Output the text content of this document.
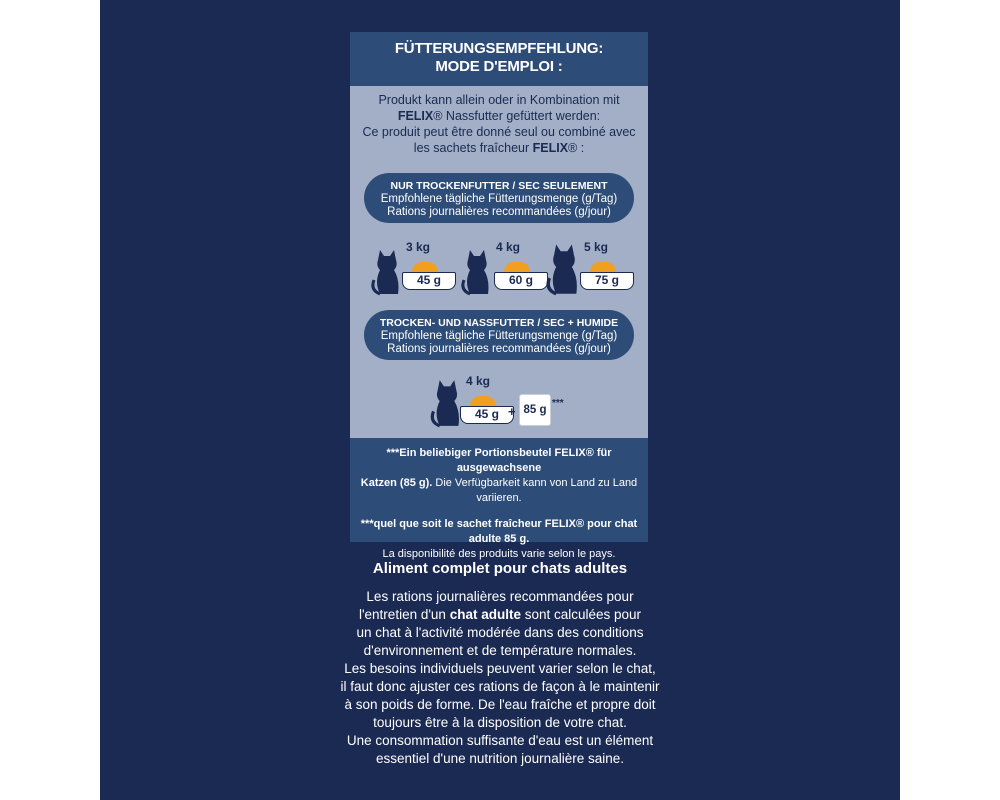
FÜTTERUNGSEMPFEHLUNG:
MODE D'EMPLOI :
Produkt kann allein oder in Kombination mit
FELIX® Nassfutter gefüttert werden:
Ce produit peut être donné seul ou combiné avec
les sachets fraîcheur FELIX® :
NUR TROCKENFUTTER / SEC SEULEMENT
Empfohlene tägliche Fütterungsmenge (g/Tag)
Rations journalières recommandées (g/jour)
3 kg
45 g
4 kg
60 g
5 kg
75 g
TROCKEN- UND NASSFUTTER / SEC + HUMIDE
Empfohlene tägliche Fütterungsmenge (g/Tag)
Rations journalières recommandées (g/jour)
4 kg
45 g + 85 g
***

***Ein beliebiger Portionsbeutel FELIX® für ausgewachsene
Katzen (85 g). Die Verfügbarkeit kann von Land zu Land variieren.

***quel que soit le sachet fraîcheur FELIX® pour chat adulte 85 g.
La disponibilité des produits varie selon le pays.

Aliment complet pour chats adultes
Les rations journalières recommandées pour
l'entretien d'un chat adulte sont calculées pour
un chat à l'activité modérée dans des conditions
d'environnement et de température normales.
Les besoins individuels peuvent varier selon le chat,
il faut donc ajuster ces rations de façon à le maintenir
à son poids de forme. De l'eau fraîche et propre doit
toujours être à la disposition de votre chat.
Une consommation suffisante d'eau est un élément
essentiel d'une nutrition journalière saine.
